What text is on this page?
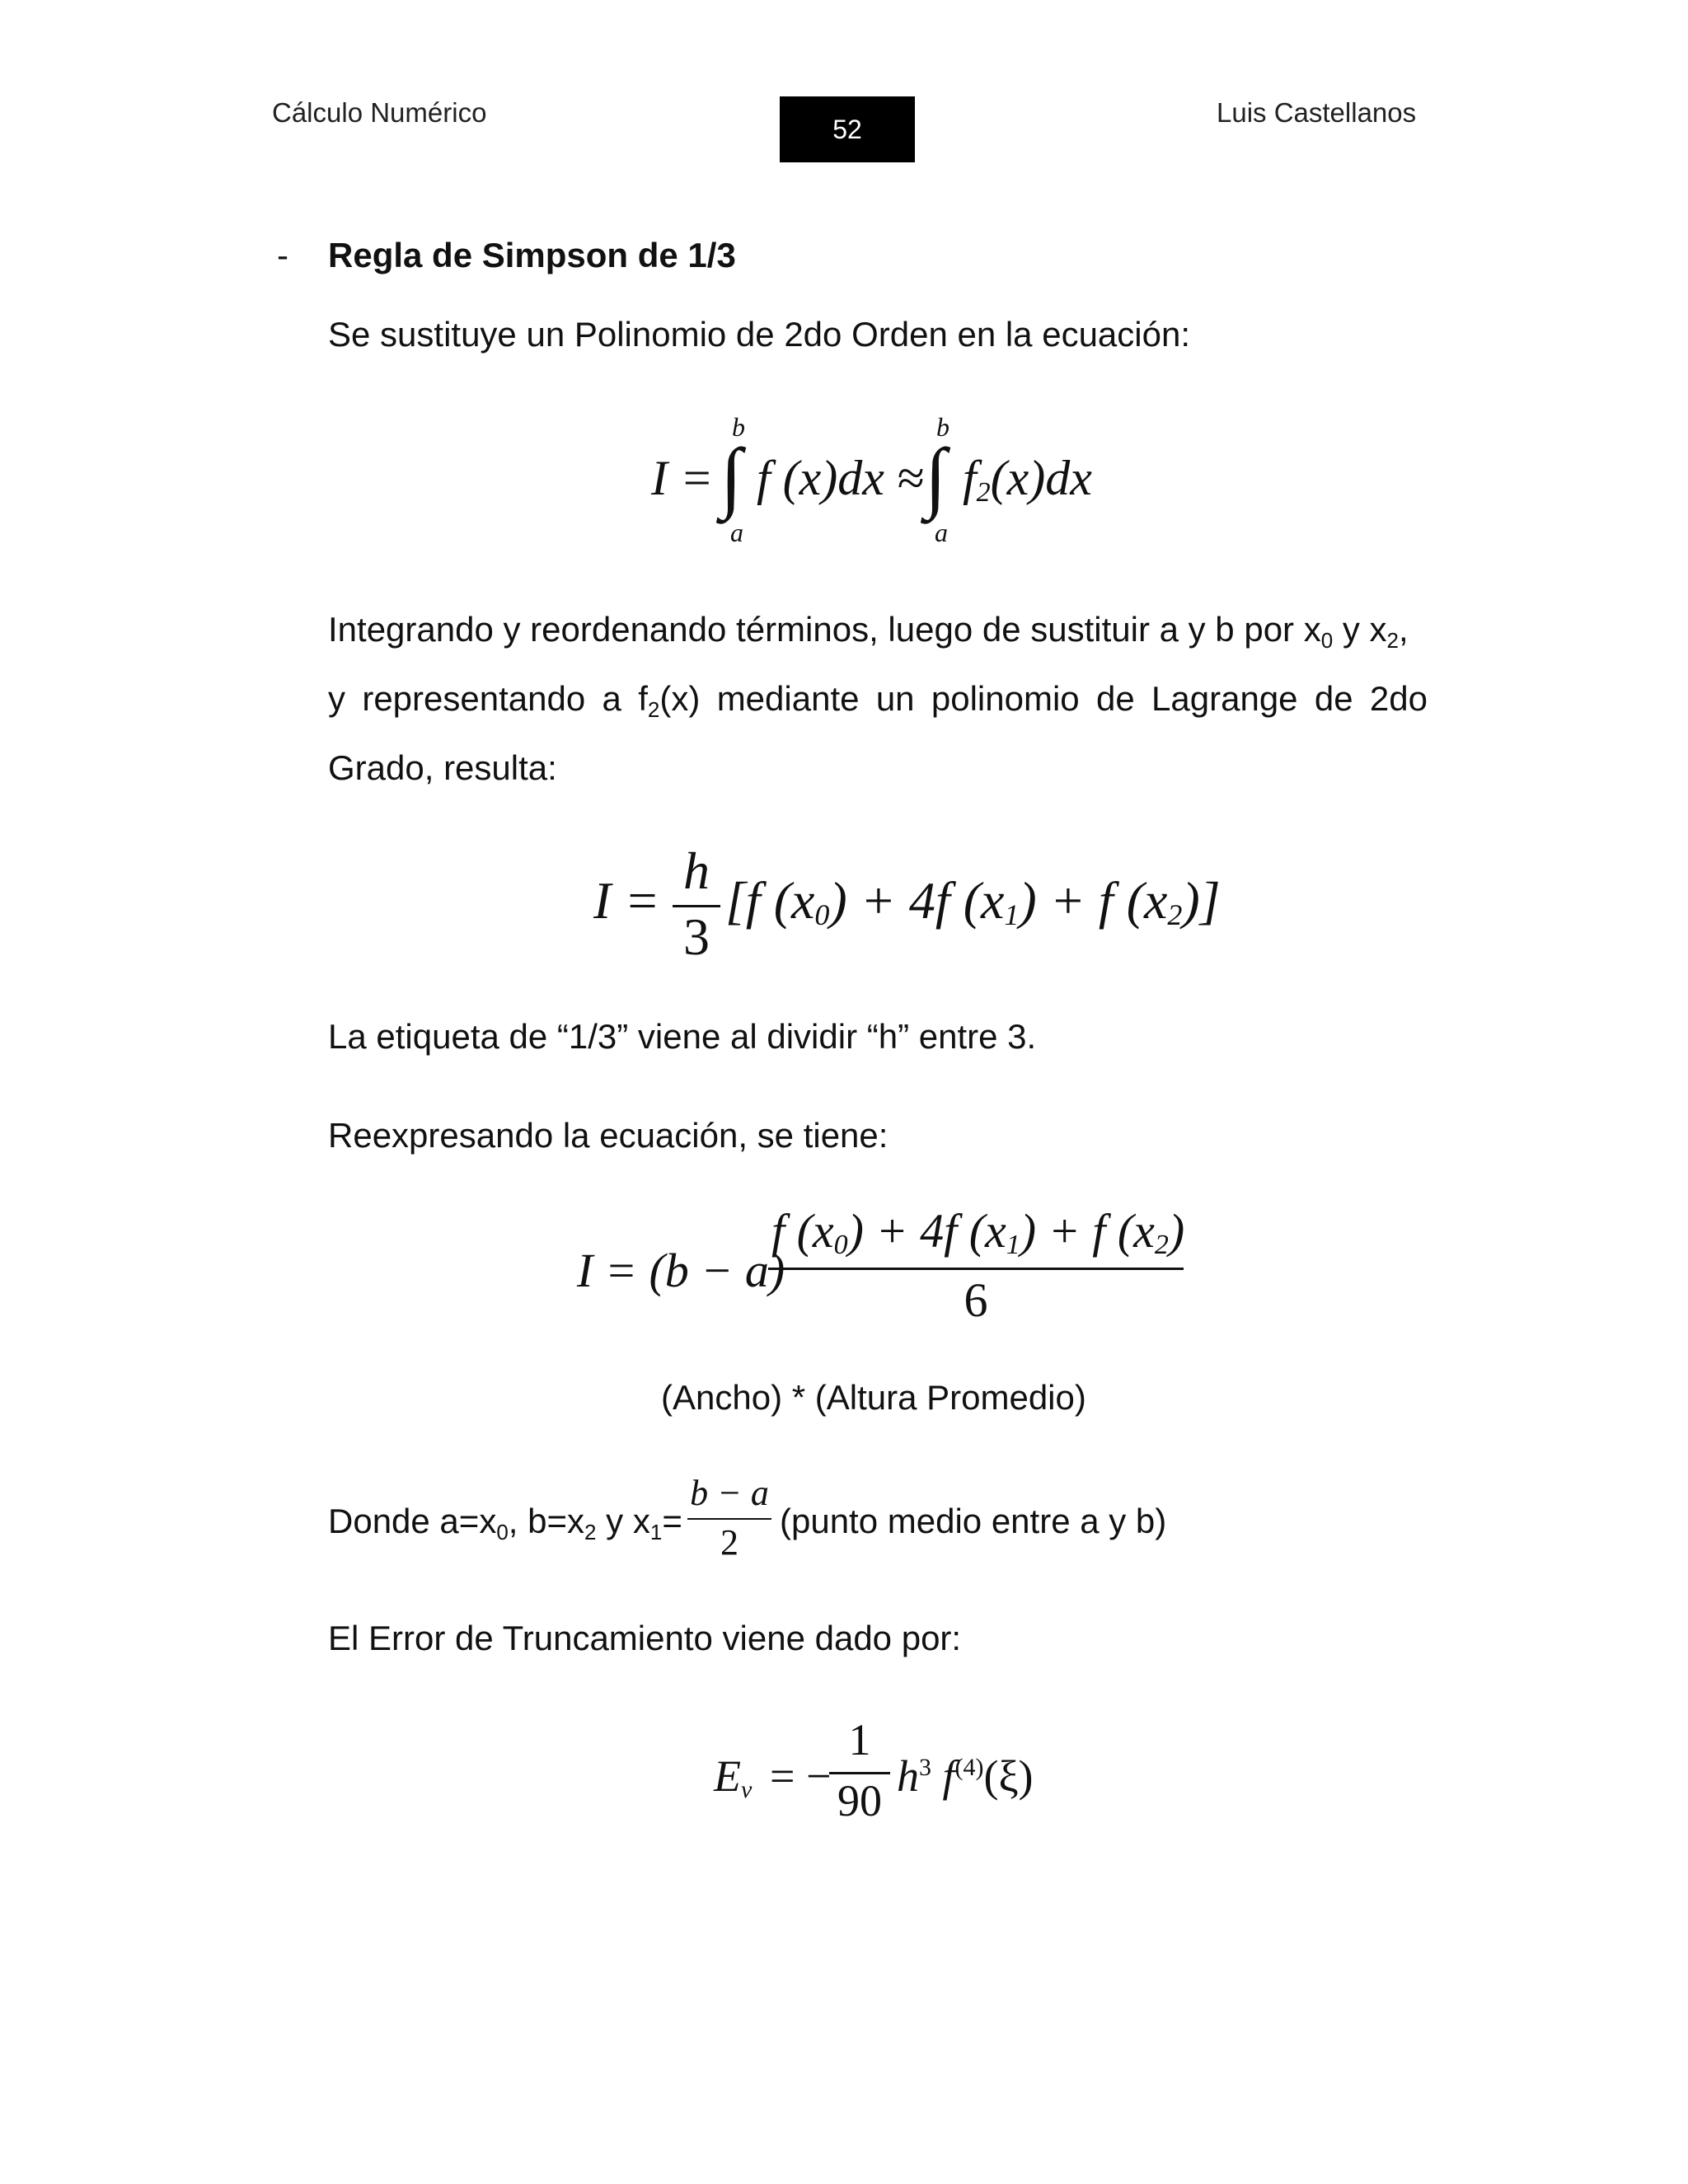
Cálculo Numérico
52
Luis Castellanos
- Regla de Simpson de 1/3
Se sustituye un Polinomio de 2do Orden en la ecuación:
I =
b
∫
a
f (x)dx ≈
b
∫
a
$f_2(x)dx$
Integrando y reordenando términos, luego de sustituir a y b por $x_0$ y $x_2$,
y representando a $f_2(x)$ mediante un polinomio de Lagrange de 2do
Grado, resulta:
I =
h
3
[f $(x_0) + 4f$ $(x_1) + f$ $(x_2)$]
La etiqueta de “1/3” viene al dividir “h” entre 3.
Reexpresando la ecuación, se tiene:
I = (b − a)
f $(x_0) + 4f$ $(x_1) + f$ $(x_2)$
6
(Ancho) * (Altura Promedio)
Donde $a=x_0$, $b=x_2$ y $x_1=$
b − a
2
(punto medio entre a y b)
El Error de Truncamiento viene dado por:
$E_v$ = −
1
90 $h^3$ $f^{(4)}(\xi)$
